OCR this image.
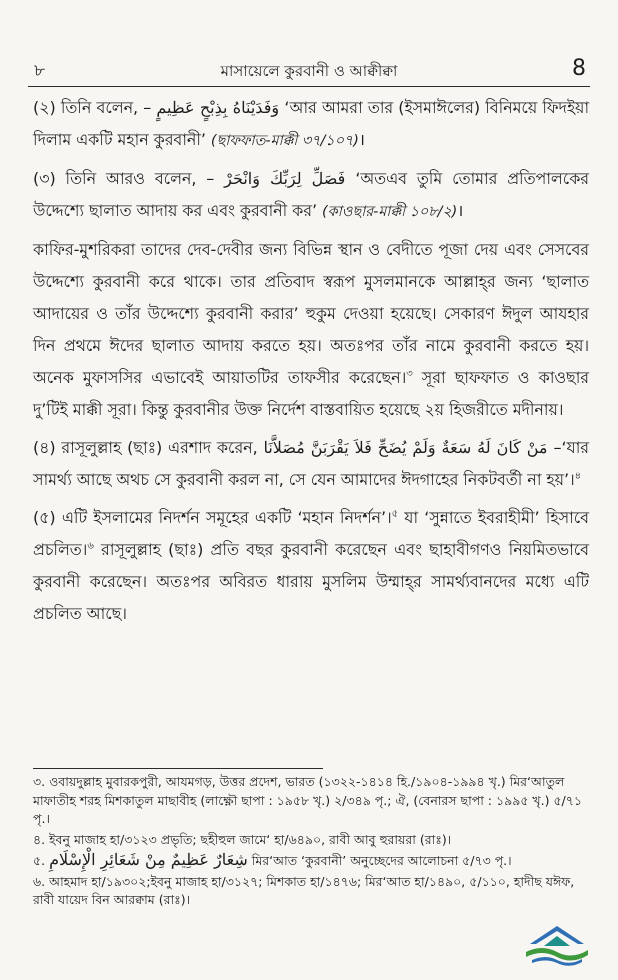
৮	মাসায়েলে কুরবানী ও আক্বীক্বা	8

(২) তিনি বলেন, – وَفَدَيْنَاهُ بِذِبْحٍ عَظِيمٍ ‘আর আমরা তার (ইসমাঈলের) বিনিময়ে ফিদইয়া দিলাম একটি মহান কুরবানী’ (ছাফফাত-মাক্কী ৩৭/১০৭)।

(৩) তিনি আরও বলেন, – فَصَلِّ لِرَبِّكَ وَانْحَرْ ‘অতএব তুমি তোমার প্রতিপালকের উদ্দেশ্যে ছালাত আদায় কর এবং কুরবানী কর’ (কাওছার-মাক্কী ১০৮/২)।

কাফির-মুশরিকরা তাদের দেব-দেবীর জন্য বিভিন্ন স্থান ও বেদীতে পূজা দেয় এবং সেসবের উদ্দেশ্যে কুরবানী করে থাকে। তার প্রতিবাদ স্বরূপ মুসলমানকে আল্লাহ্‌র জন্য ‘ছালাত আদায়ের ও তাঁর উদ্দেশ্যে কুরবানী করার’ হুকুম দেওয়া হয়েছে। সেকারণ ঈদুল আযহার দিন প্রথমে ঈদের ছালাত আদায় করতে হয়। অতঃপর তাঁর নামে কুরবানী করতে হয়। অনেক মুফাসসির এভাবেই আয়াতটির তাফসীর করেছেন।$^৩$ সূরা ছাফফাত ও কাওছার দু’টিই মাক্কী সূরা। কিন্তু কুরবানীর উক্ত নির্দেশ বাস্তবায়িত হয়েছে ২য় হিজরীতে মদীনায়।

(৪) রাসূলুল্লাহ (ছাঃ) এরশাদ করেন, مَنْ كَانَ لَهُ سَعَةٌ وَلَمْ يُضَحِّ فَلاَ يَقْرَبَنَّ مُصَلاَّنَا –‘যার সামর্থ্য আছে অথচ সে কুরবানী করল না, সে যেন আমাদের ঈদগাহের নিকটবর্তী না হয়’।$^৪$

(৫) এটি ইসলামের নিদর্শন সমূহের একটি ‘মহান নিদর্শন’।$^৫$ যা ‘সুন্নাতে ইবরাহীমী’ হিসাবে প্রচলিত।$^৬$ রাসূলুল্লাহ (ছাঃ) প্রতি বছর কুরবানী করেছেন এবং ছাহাবীগণও নিয়মিতভাবে কুরবানী করেছেন। অতঃপর অবিরত ধারায় মুসলিম উম্মাহ্‌র সামর্থ্যবানদের মধ্যে এটি প্রচলিত আছে।

৩. ওবায়দুল্লাহ মুবারকপুরী, আযমগড়, উত্তর প্রদেশ, ভারত (১৩২২-১৪১৪ হি./১৯০৪-১৯৯৪ খৃ.) মির‘আতুল মাফাতীহ শরহ মিশকাতুল মাছাবীহ (লাক্ষ্ণৌ ছাপা : ১৯৫৮ খৃ.) ২/৩৪৯ পৃ.; ঐ, (বেনারস ছাপা : ১৯৯৫ খৃ.) ৫/৭১ পৃ.।

৪. ইবনু মাজাহ হা/৩১২৩ প্রভৃতি; ছহীহুল জামে‘ হা/৬৪৯০, রাবী আবু হুরায়রা (রাঃ)।

৫. شِعَارٌ عَظِيمٌ مِنْ شَعَائِرِ الْإِسْلَامِ মির‘আত ‘কুরবানী’ অনুচ্ছেদের আলোচনা ৫/৭৩ পৃ.।

৬. আহমাদ হা/১৯৩০২;ইবনু মাজাহ হা/৩১২৭; মিশকাত হা/১৪৭৬; মির‘আত হা/১৪৯০, ৫/১১০, হাদীছ যঈফ, রাবী যায়েদ বিন আরক্বাম (রাঃ)।
